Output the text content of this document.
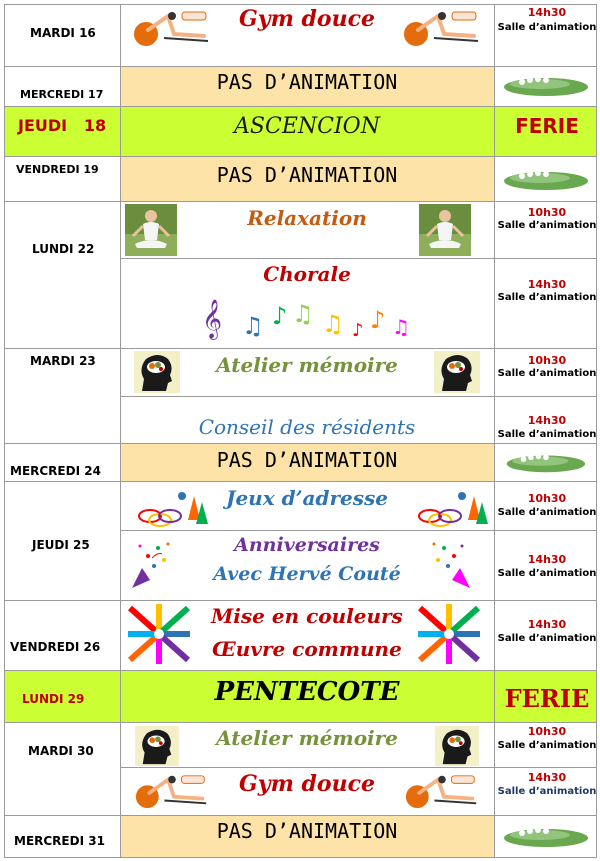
MARDI 16
MERCREDI 17
JEUDI   18
VENDREDI 19
LUNDI 22
MARDI 23
MERCREDI 24
JEUDI 25
VENDREDI 26
LUNDI 29
MARDI 30
MERCREDI 31
Gym douce
PAS D’ANIMATION
ASCENCION
PAS D’ANIMATION
Relaxation
Chorale
Atelier mémoire
Conseil des résidents
PAS D’ANIMATION
Jeux d’adresse
Anniversaires
Avec Hervé Couté
Mise en couleurs
Œuvre commune
PENTECOTE
Atelier mémoire
Gym douce
PAS D’ANIMATION
FERIE
FERIE
14h30
Salle d’animation
10h30
Salle d’animation
14h30
Salle d’animation
10h30
Salle d’animation
14h30
Salle d’animation
10h30
Salle d’animation
14h30
Salle d’animation
14h30
Salle d’animation
10h30
Salle d’animation
14h30
Salle d’animation
𝄞 ♫ ♪ ♫ ♫ ♪ ♪ ♫
